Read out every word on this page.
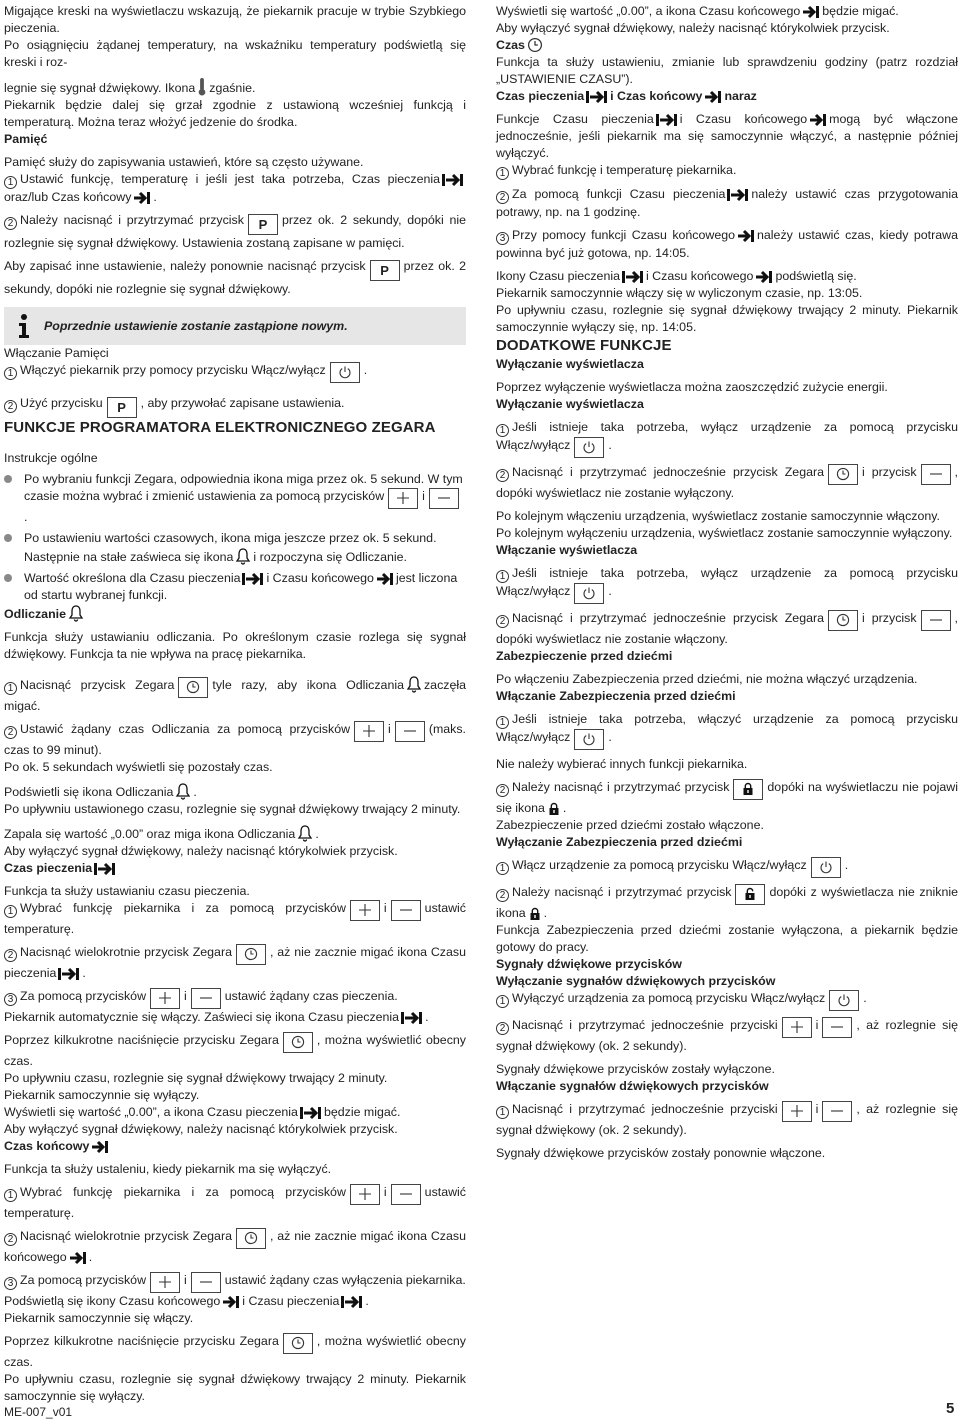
Migające kreski na wyświetlaczu wskazują, że piekarnik pracuje w trybie Szybkiego pieczenia.

Po osiągnięciu żądanej temperatury, na wskaźniku temperatury podświetlą się kreski i roz-

legnie się sygnał dźwiękowy. Ikona zgaśnie.

Piekarnik będzie dalej się grzał zgodnie z ustawioną wcześniej funkcją i temperaturą. Można teraz włożyć jedzenie do środka.

Pamięć

Pamięć służy do zapisywania ustawień, które są często używane.

1 Ustawić funkcję, temperaturę i jeśli jest taka potrzeba, Czas pieczenia
oraz/lub Czas końcowy .

2 Należy nacisnąć i przytrzymać przycisk P przez ok. 2 sekundy, dopóki nie rozlegnie się sygnał dźwiękowy. Ustawienia zostaną zapisane w pamięci.

Aby zapisać inne ustawienie, należy ponownie nacisnąć przycisk P przez ok. 2 sekundy, dopóki nie rozlegnie się sygnał dźwiękowy.

Poprzednie ustawienie zostanie zastąpione nowym.

Włączanie Pamięci

1 Włączyć piekarnik przy pomocy przycisku Włącz/wyłącz	.

2 Użyć przycisku P , aby przywołać zapisane ustawienia.

FUNKCJE PROGRAMATORA ELEKTRONICZNEGO ZEGARA

Instrukcje ogólne

Po wybraniu funkcji Zegara, odpowiednia ikona miga przez ok. 5 sekund. W tym czasie można wybrać i zmienić ustawienia za pomocą przycisków	i.
Po ustawieniu wartości czasowych, ikona miga jeszcze przez ok. 5 sekund. Następnie na stałe zaświeca się ikona i rozpoczyna się Odliczanie.
Wartość określona dla Czasu pieczenia i Czasu końcowego jest liczona od startu wybranej funkcji.

Odliczanie

Funkcja służy ustawianiu odliczania. Po określonym czasie rozlega się sygnał dźwiękowy. Funkcja ta nie wpływa na pracę piekarnika.

1 Nacisnąć przycisk Zegara	tyle razy, aby ikona Odliczania zaczęła migać.

2 Ustawić żądany czas Odliczania za pomocą przycisków	i	(maks. czas to 99 minut).

Po ok. 5 sekundach wyświetli się pozostały czas.

Podświetli się ikona Odliczania .

Po upływniu ustawionego czasu, rozlegnie się sygnał dźwiękowy trwający 2 minuty.

Zapala się wartość „0.00” oraz miga ikona Odliczania .

Aby wyłączyć sygnał dźwiękowy, należy nacisnąć którykolwiek przycisk.

Czas pieczenia

Funkcja ta służy ustawianiu czasu pieczenia.

1 Wybrać funkcję piekarnika i za pomocą przycisków	i	ustawić temperaturę.

2 Nacisnąć wielokrotnie przycisk Zegara	, aż nie zacznie migać ikona Czasu pieczenia .

3 Za pomocą przycisków	i	ustawić żądany czas pieczenia.

Piekarnik automatycznie się włączy. Zaświeci się ikona Czasu pieczenia .

Poprzez kilkukrotne naciśnięcie przycisku Zegara	, można wyświetlić obecny czas.

Po upływniu czasu, rozlegnie się sygnał dźwiękowy trwający 2 minuty.

Piekarnik samoczynnie się wyłączy.

Wyświetli się wartość „0.00”, a ikona Czasu pieczenia będzie migać.

Aby wyłączyć sygnał dźwiękowy, należy nacisnąć którykolwiek przycisk.

Czas końcowy

Funkcja ta służy ustaleniu, kiedy piekarnik ma się wyłączyć.

1 Wybrać funkcję piekarnika i za pomocą przycisków	i	ustawić temperaturę.

2 Nacisnąć wielokrotnie przycisk Zegara	, aż nie zacznie migać ikona Czasu końcowego .

3 Za pomocą przycisków	i	ustawić żądany czas wyłączenia piekarnika.

Podświetlą się ikony Czasu końcowego i Czasu pieczenia .

Piekarnik samoczynnie się włączy.

Poprzez kilkukrotne naciśnięcie przycisku Zegara	, można wyświetlić obecny czas.

Po upływniu czasu, rozlegnie się sygnał dźwiękowy trwający 2 minuty. Piekarnik samoczynnie się wyłączy.

Wyświetli się wartość „0.00”, a ikona Czasu końcowego będzie migać.

Aby wyłączyć sygnał dźwiękowy, należy nacisnąć którykolwiek przycisk.

Czas

Funkcja ta służy ustawieniu, zmianie lub sprawdzeniu godziny (patrz rozdział „USTAWIENIE CZASU”).

Czas pieczenia i Czas końcowy naraz

Funkcje Czasu pieczenia i Czasu końcowego mogą być włączone jednocześnie, jeśli piekarnik ma się samoczynnie włączyć, a następnie później wyłączyć.

1 Wybrać funkcję i temperaturę piekarnika.

2 Za pomocą funkcji Czasu pieczenia należy ustawić czas przygotowania potrawy, np. na 1 godzinę.

3 Przy pomocy funkcji Czasu końcowego należy ustawić czas, kiedy potrawa powinna być już gotowa, np. 14:05.

Ikony Czasu pieczenia i Czasu końcowego podświetlą się.

Piekarnik samoczynnie włączy się w wyliczonym czasie, np. 13:05.

Po upływniu czasu, rozlegnie się sygnał dźwiękowy trwający 2 minuty. Piekarnik samoczynnie wyłączy się, np. 14:05.

DODATKOWE FUNKCJE

Wyłączanie wyświetlacza

Poprzez wyłączenie wyświetlacza można zaoszczędzić zużycie energii.

Wyłączanie wyświetlacza

1 Jeśli istnieje taka potrzeba, wyłącz urządzenie za pomocą przycisku Włącz/wyłącz	.

2 Nacisnąć i przytrzymać jednocześnie przycisk Zegara	i przycisk	, dopóki wyświetlacz nie zostanie wyłączony.

Po kolejnym włączeniu urządzenia, wyświetlacz zostanie samoczynnie włączony.

Po kolejnym wyłączeniu urządzenia, wyświetlacz zostanie samoczynnie wyłączony.

Włączanie wyświetlacza

1 Jeśli istnieje taka potrzeba, wyłącz urządzenie za pomocą przycisku Włącz/wyłącz	.

2 Nacisnąć i przytrzymać jednocześnie przycisk Zegara	i przycisk	, dopóki wyświetlacz nie zostanie włączony.

Zabezpieczenie przed dziećmi

Po włączeniu Zabezpieczenia przed dziećmi, nie można włączyć urządzenia.

Włączanie Zabezpieczenia przed dziećmi

1 Jeśli istnieje taka potrzeba, włączyć urządzenie za pomocą przycisku Włącz/wyłącz	.

Nie należy wybierać innych funkcji piekarnika.

2 Należy nacisnąć i przytrzymać przycisk	dopóki na wyświetlaczu nie pojawi się ikona .

Zabezpieczenie przed dziećmi zostało włączone.

Wyłączanie Zabezpieczenia przed dziećmi

1 Włącz urządzenie za pomocą przycisku Włącz/wyłącz	.

2 Należy nacisnąć i przytrzymać przycisk	dopóki z wyświetlacza nie zniknie ikona .

Funkcja Zabezpieczenia przed dziećmi zostanie wyłączona, a piekarnik będzie gotowy do pracy.

Sygnały dźwiękowe przycisków

Wyłączanie sygnałów dźwiękowych przycisków

1 Wyłączyć urządzenia za pomocą przycisku Włącz/wyłącz	.

2 Nacisnąć i przytrzymać jednocześnie przyciski	i	, aż rozlegnie się sygnał dźwiękowy (ok. 2 sekundy).

Sygnały dźwiękowe przycisków zostały wyłączone.

Włączanie sygnałów dźwiękowych przycisków

1 Nacisnąć i przytrzymać jednocześnie przyciski	i	, aż rozlegnie się sygnał dźwiękowy (ok. 2 sekundy).

Sygnały dźwiękowe przycisków zostały ponownie włączone.

ME-007_v01	5
